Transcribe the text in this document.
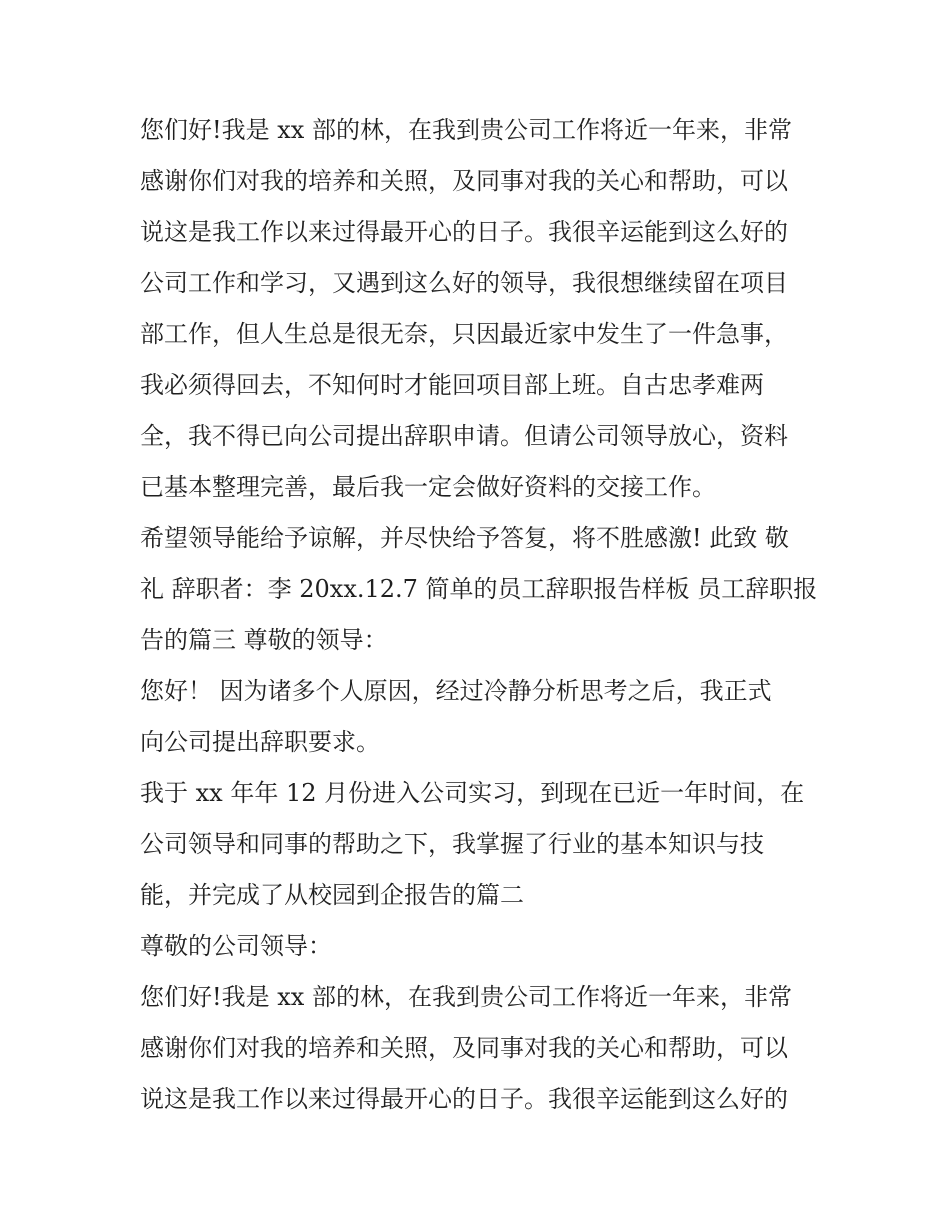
您们好!我是 xx 部的林，在我到贵公司工作将近一年来，非常
感谢你们对我的培养和关照，及同事对我的关心和帮助，可以
说这是我工作以来过得最开心的日子。我很辛运能到这么好的
公司工作和学习，又遇到这么好的领导，我很想继续留在项目
部工作，但人生总是很无奈，只因最近家中发生了一件急事，
我必须得回去，不知何时才能回项目部上班。自古忠孝难两
全，我不得已向公司提出辞职申请。但请公司领导放心，资料
已基本整理完善，最后我一定会做好资料的交接工作。
希望领导能给予谅解，并尽快给予答复，将不胜感激! 此致 敬
礼 辞职者：李 20xx.12.7 简单的员工辞职报告样板 员工辞职报
告的篇三 尊敬的领导：
您好！ 因为诸多个人原因，经过冷静分析思考之后，我正式
向公司提出辞职要求。
我于 xx 年年 12 月份进入公司实习，到现在已近一年时间，在
公司领导和同事的帮助之下，我掌握了行业的基本知识与技
能，并完成了从校园到企报告的篇二
尊敬的公司领导：
您们好!我是 xx 部的林，在我到贵公司工作将近一年来，非常
感谢你们对我的培养和关照，及同事对我的关心和帮助，可以
说这是我工作以来过得最开心的日子。我很辛运能到这么好的
